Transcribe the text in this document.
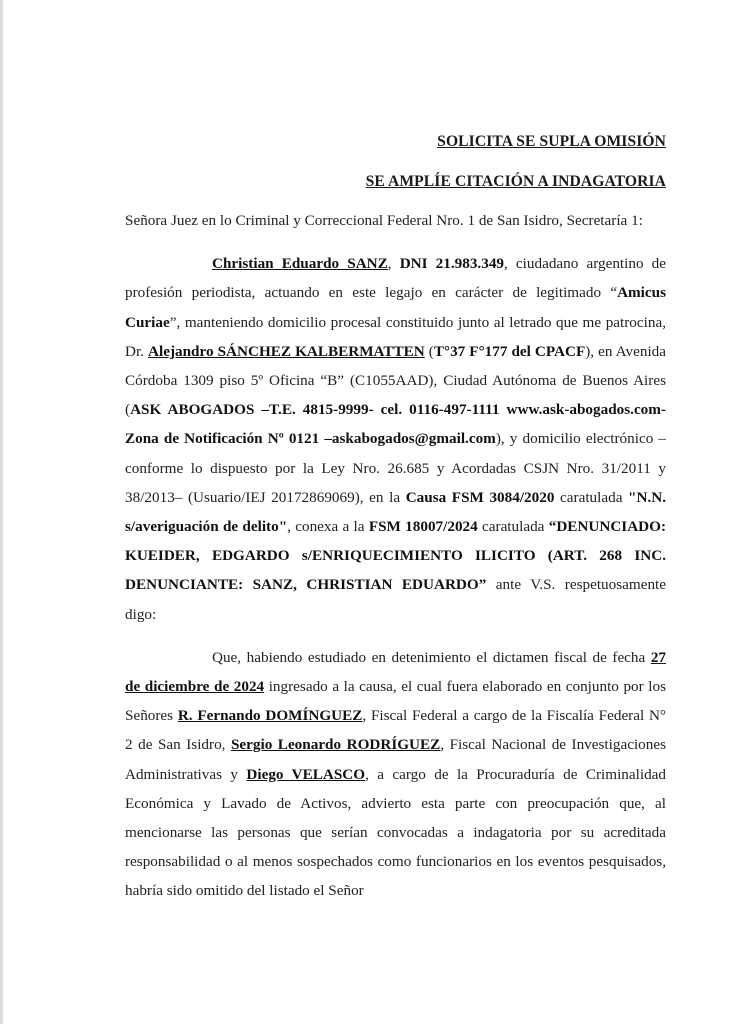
SOLICITA SE SUPLA OMISIÓN
SE AMPLÍE CITACIÓN A INDAGATORIA

Señora Juez en lo Criminal y Correccional Federal Nro. 1 de San Isidro, Secretaría 1:

Christian Eduardo SANZ, DNI 21.983.349, ciudadano argentino de profesión periodista, actuando en este legajo en carácter de legitimado “Amicus Curiae”, manteniendo domicilio procesal constituido junto al letrado que me patrocina, Dr. Alejandro SÁNCHEZ KALBERMATTEN (T°37 F°177 del CPACF), en Avenida Córdoba 1309 piso 5º Oficina “B” (C1055AAD), Ciudad Autónoma de Buenos Aires (ASK ABOGADOS –T.E. 4815-9999- cel. 0116-497-1111 www.ask-abogados.com- Zona de Notificación Nº 0121 –askabogados@gmail.com), y domicilio electrónico –conforme lo dispuesto por la Ley Nro. 26.685 y Acordadas CSJN Nro. 31/2011 y 38/2013– (Usuario/IEJ 20172869069), en la Causa FSM 3084/2020 caratulada "N.N. s/averiguación de delito", conexa a la FSM 18007/2024 caratulada “DENUNCIADO: KUEIDER, EDGARDO s/ENRIQUECIMIENTO ILICITO (ART. 268 INC. DENUNCIANTE: SANZ, CHRISTIAN EDUARDO” ante V.S. respetuosamente digo:

Que, habiendo estudiado en detenimiento el dictamen fiscal de fecha 27 de diciembre de 2024 ingresado a la causa, el cual fuera elaborado en conjunto por los Señores R. Fernando DOMÍNGUEZ, Fiscal Federal a cargo de la Fiscalía Federal N° 2 de San Isidro, Sergio Leonardo RODRÍGUEZ, Fiscal Nacional de Investigaciones Administrativas y Diego VELASCO, a cargo de la Procuraduría de Criminalidad Económica y Lavado de Activos, advierto esta parte con preocupación que, al mencionarse las personas que serían convocadas a indagatoria por su acreditada responsabilidad o al menos sospechados como funcionarios en los eventos pesquisados, habría sido omitido del listado el Señor
